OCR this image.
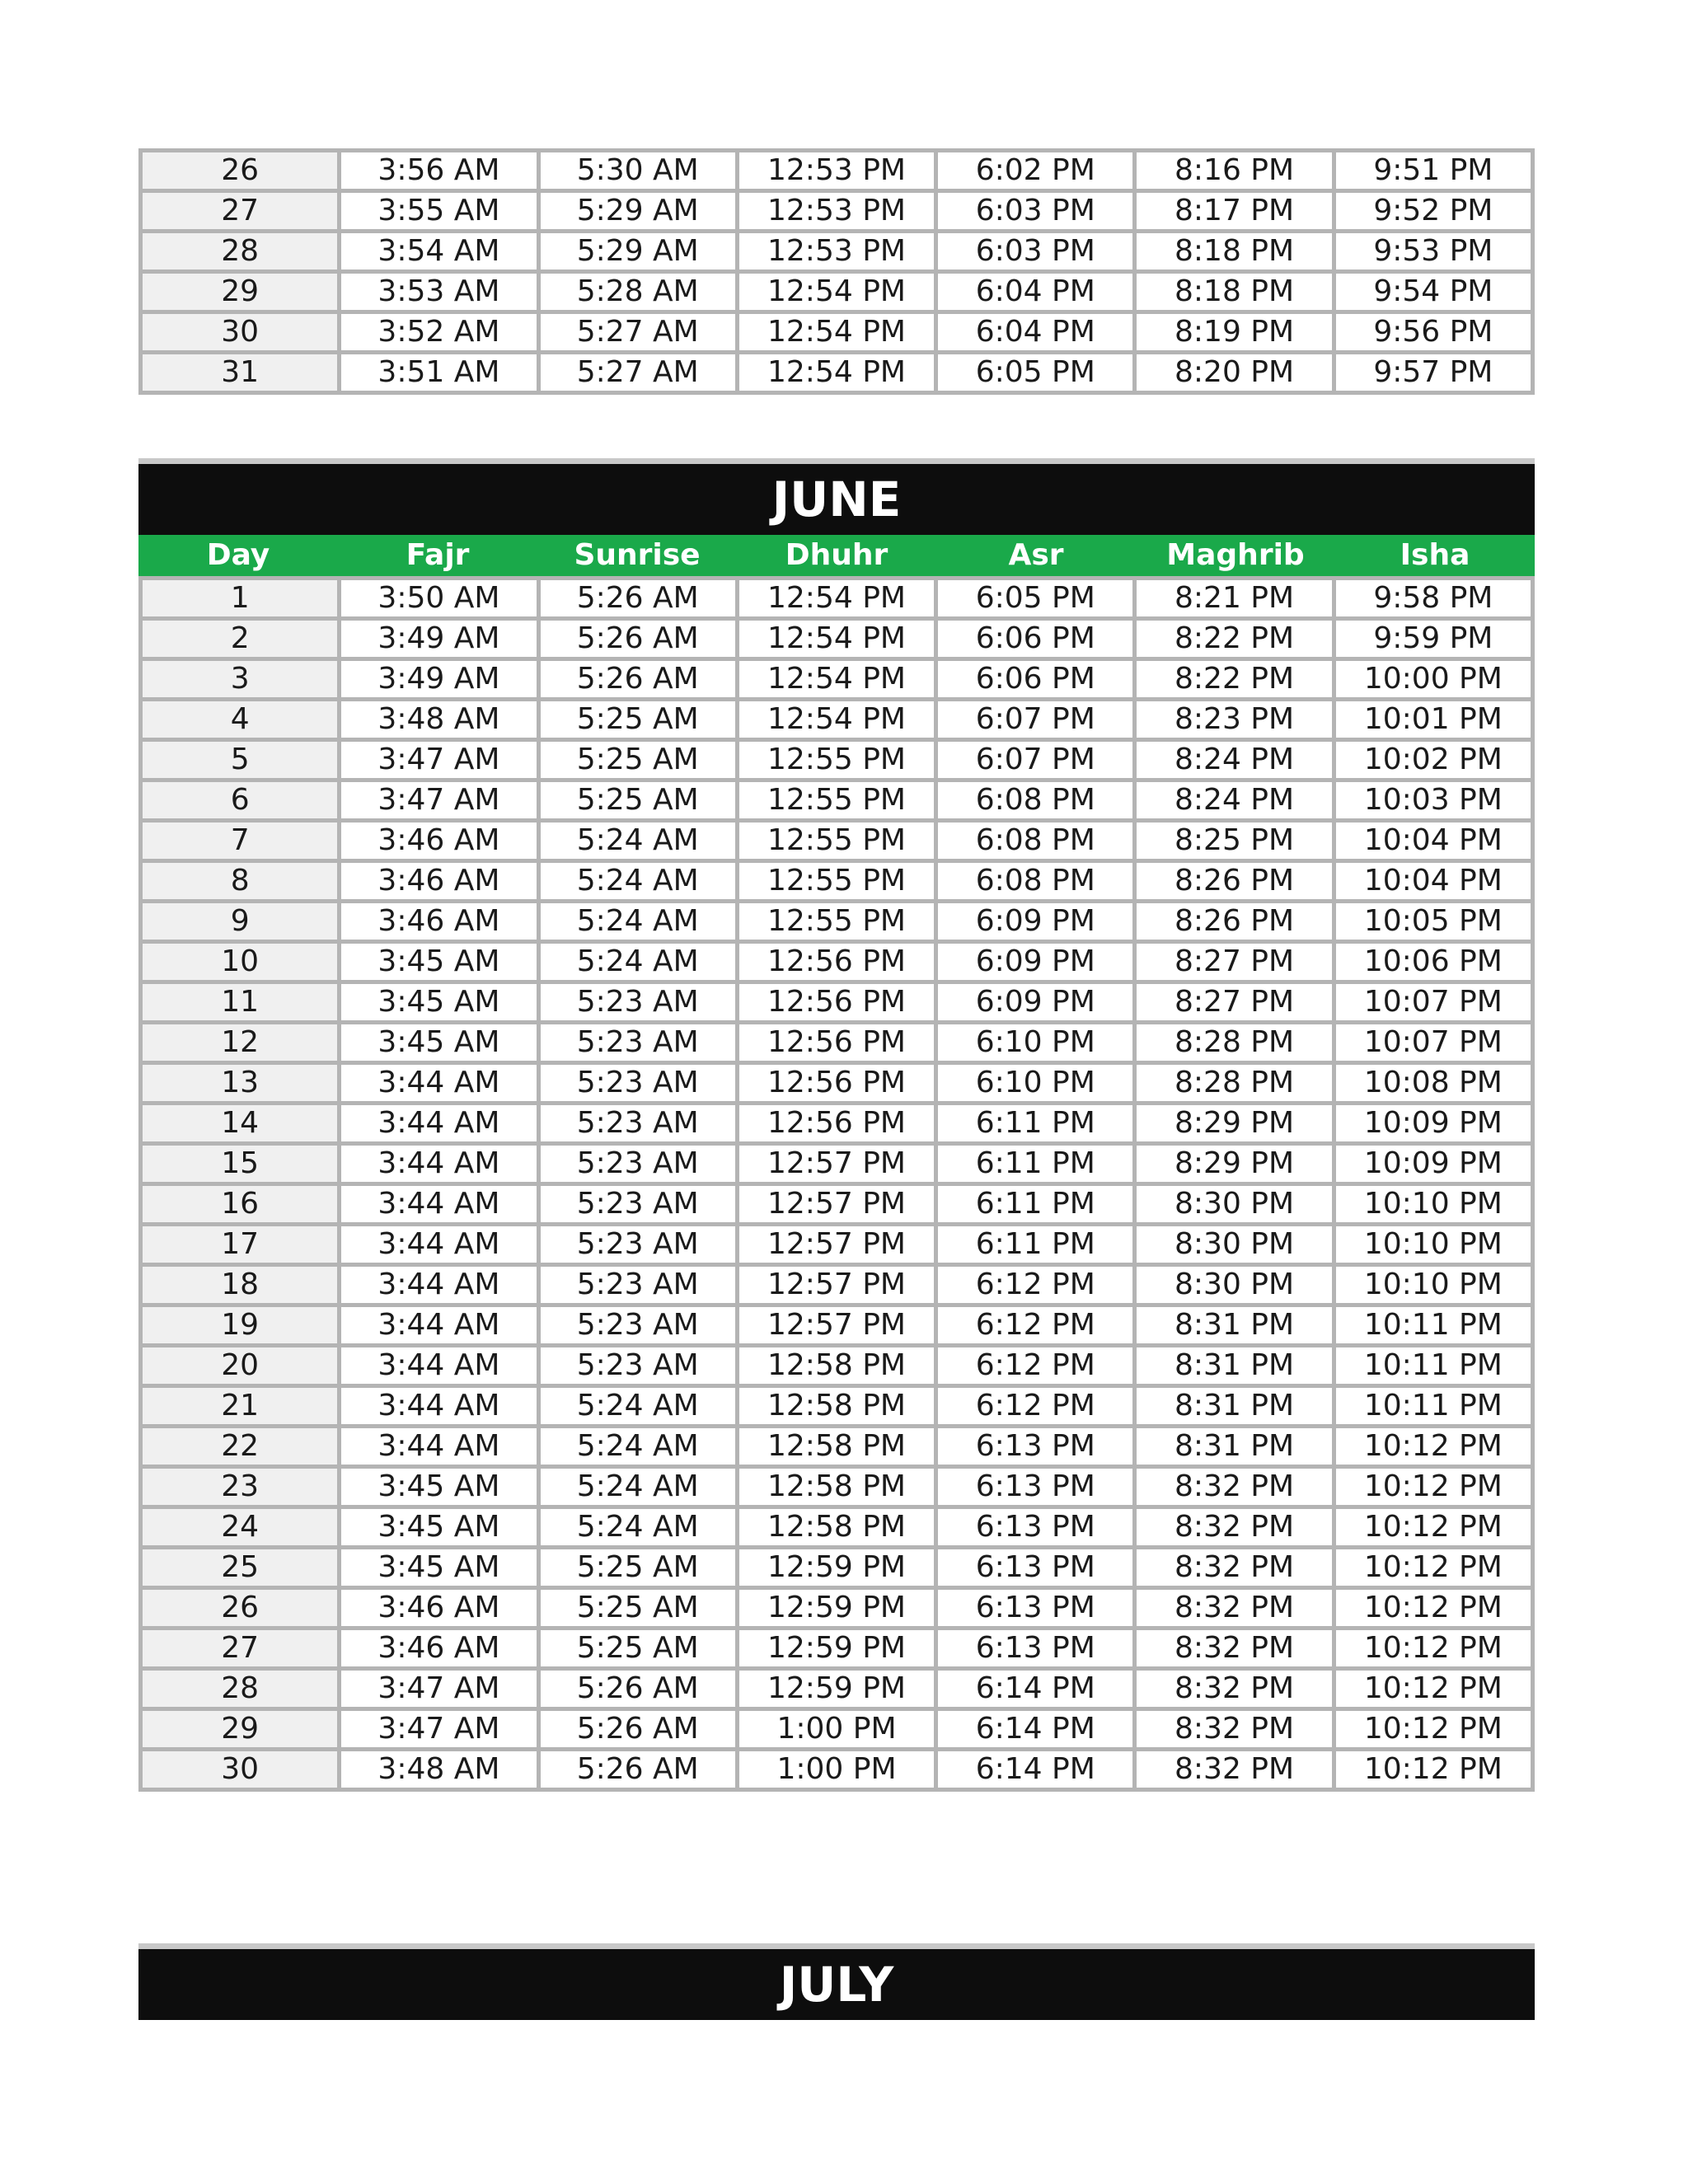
26	3:56 AM	5:30 AM	12:53 PM	6:02 PM	8:16 PM	9:51 PM
27	3:55 AM	5:29 AM	12:53 PM	6:03 PM	8:17 PM	9:52 PM
28	3:54 AM	5:29 AM	12:53 PM	6:03 PM	8:18 PM	9:53 PM
29	3:53 AM	5:28 AM	12:54 PM	6:04 PM	8:18 PM	9:54 PM
30	3:52 AM	5:27 AM	12:54 PM	6:04 PM	8:19 PM	9:56 PM
31	3:51 AM	5:27 AM	12:54 PM	6:05 PM	8:20 PM	9:57 PM
JUNE
Day	Fajr	Sunrise	Dhuhr	Asr	Maghrib	Isha
1	3:50 AM	5:26 AM	12:54 PM	6:05 PM	8:21 PM	9:58 PM
2	3:49 AM	5:26 AM	12:54 PM	6:06 PM	8:22 PM	9:59 PM
3	3:49 AM	5:26 AM	12:54 PM	6:06 PM	8:22 PM	10:00 PM
4	3:48 AM	5:25 AM	12:54 PM	6:07 PM	8:23 PM	10:01 PM
5	3:47 AM	5:25 AM	12:55 PM	6:07 PM	8:24 PM	10:02 PM
6	3:47 AM	5:25 AM	12:55 PM	6:08 PM	8:24 PM	10:03 PM
7	3:46 AM	5:24 AM	12:55 PM	6:08 PM	8:25 PM	10:04 PM
8	3:46 AM	5:24 AM	12:55 PM	6:08 PM	8:26 PM	10:04 PM
9	3:46 AM	5:24 AM	12:55 PM	6:09 PM	8:26 PM	10:05 PM
10	3:45 AM	5:24 AM	12:56 PM	6:09 PM	8:27 PM	10:06 PM
11	3:45 AM	5:23 AM	12:56 PM	6:09 PM	8:27 PM	10:07 PM
12	3:45 AM	5:23 AM	12:56 PM	6:10 PM	8:28 PM	10:07 PM
13	3:44 AM	5:23 AM	12:56 PM	6:10 PM	8:28 PM	10:08 PM
14	3:44 AM	5:23 AM	12:56 PM	6:11 PM	8:29 PM	10:09 PM
15	3:44 AM	5:23 AM	12:57 PM	6:11 PM	8:29 PM	10:09 PM
16	3:44 AM	5:23 AM	12:57 PM	6:11 PM	8:30 PM	10:10 PM
17	3:44 AM	5:23 AM	12:57 PM	6:11 PM	8:30 PM	10:10 PM
18	3:44 AM	5:23 AM	12:57 PM	6:12 PM	8:30 PM	10:10 PM
19	3:44 AM	5:23 AM	12:57 PM	6:12 PM	8:31 PM	10:11 PM
20	3:44 AM	5:23 AM	12:58 PM	6:12 PM	8:31 PM	10:11 PM
21	3:44 AM	5:24 AM	12:58 PM	6:12 PM	8:31 PM	10:11 PM
22	3:44 AM	5:24 AM	12:58 PM	6:13 PM	8:31 PM	10:12 PM
23	3:45 AM	5:24 AM	12:58 PM	6:13 PM	8:32 PM	10:12 PM
24	3:45 AM	5:24 AM	12:58 PM	6:13 PM	8:32 PM	10:12 PM
25	3:45 AM	5:25 AM	12:59 PM	6:13 PM	8:32 PM	10:12 PM
26	3:46 AM	5:25 AM	12:59 PM	6:13 PM	8:32 PM	10:12 PM
27	3:46 AM	5:25 AM	12:59 PM	6:13 PM	8:32 PM	10:12 PM
28	3:47 AM	5:26 AM	12:59 PM	6:14 PM	8:32 PM	10:12 PM
29	3:47 AM	5:26 AM	1:00 PM	6:14 PM	8:32 PM	10:12 PM
30	3:48 AM	5:26 AM	1:00 PM	6:14 PM	8:32 PM	10:12 PM
JULY
